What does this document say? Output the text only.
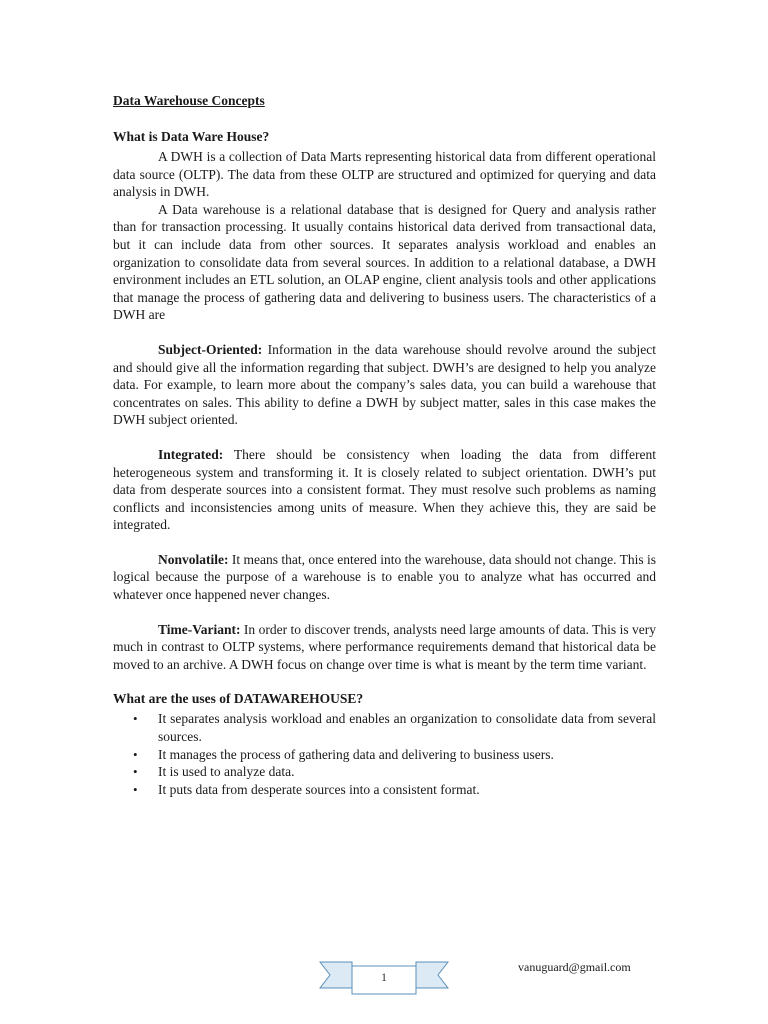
Data Warehouse Concepts
What is Data Ware House?

A DWH is a collection of Data Marts representing historical data from different operational data source (OLTP). The data from these OLTP are structured and optimized for querying and data analysis in DWH.

A Data warehouse is a relational database that is designed for Query and analysis rather than for transaction processing. It usually contains historical data derived from transactional data, but it can include data from other sources. It separates analysis workload and enables an organization to consolidate data from several sources. In addition to a relational database, a DWH environment includes an ETL solution, an OLAP engine, client analysis tools and other applications that manage the process of gathering data and delivering to business users. The characteristics of a DWH are

Subject-Oriented: Information in the data warehouse should revolve around the subject and should give all the information regarding that subject. DWH’s are designed to help you analyze data. For example, to learn more about the company’s sales data, you can build a warehouse that concentrates on sales. This ability to define a DWH by subject matter, sales in this case makes the DWH subject oriented.

Integrated: There should be consistency when loading the data from different heterogeneous system and transforming it. It is closely related to subject orientation. DWH’s put data from desperate sources into a consistent format. They must resolve such problems as naming conflicts and inconsistencies among units of measure. When they achieve this, they are said be integrated.

Nonvolatile: It means that, once entered into the warehouse, data should not change. This is logical because the purpose of a warehouse is to enable you to analyze what has occurred and whatever once happened never changes.

Time-Variant: In order to discover trends, analysts need large amounts of data. This is very much in contrast to OLTP systems, where performance requirements demand that historical data be moved to an archive. A DWH focus on change over time is what is meant by the term time variant.

What are the uses of DATAWAREHOUSE?
• It separates analysis workload and enables an organization to consolidate data from several sources.
• It manages the process of gathering data and delivering to business users.
• It is used to analyze data.
• It puts data from desperate sources into a consistent format.
1
vanuguard@gmail.com
